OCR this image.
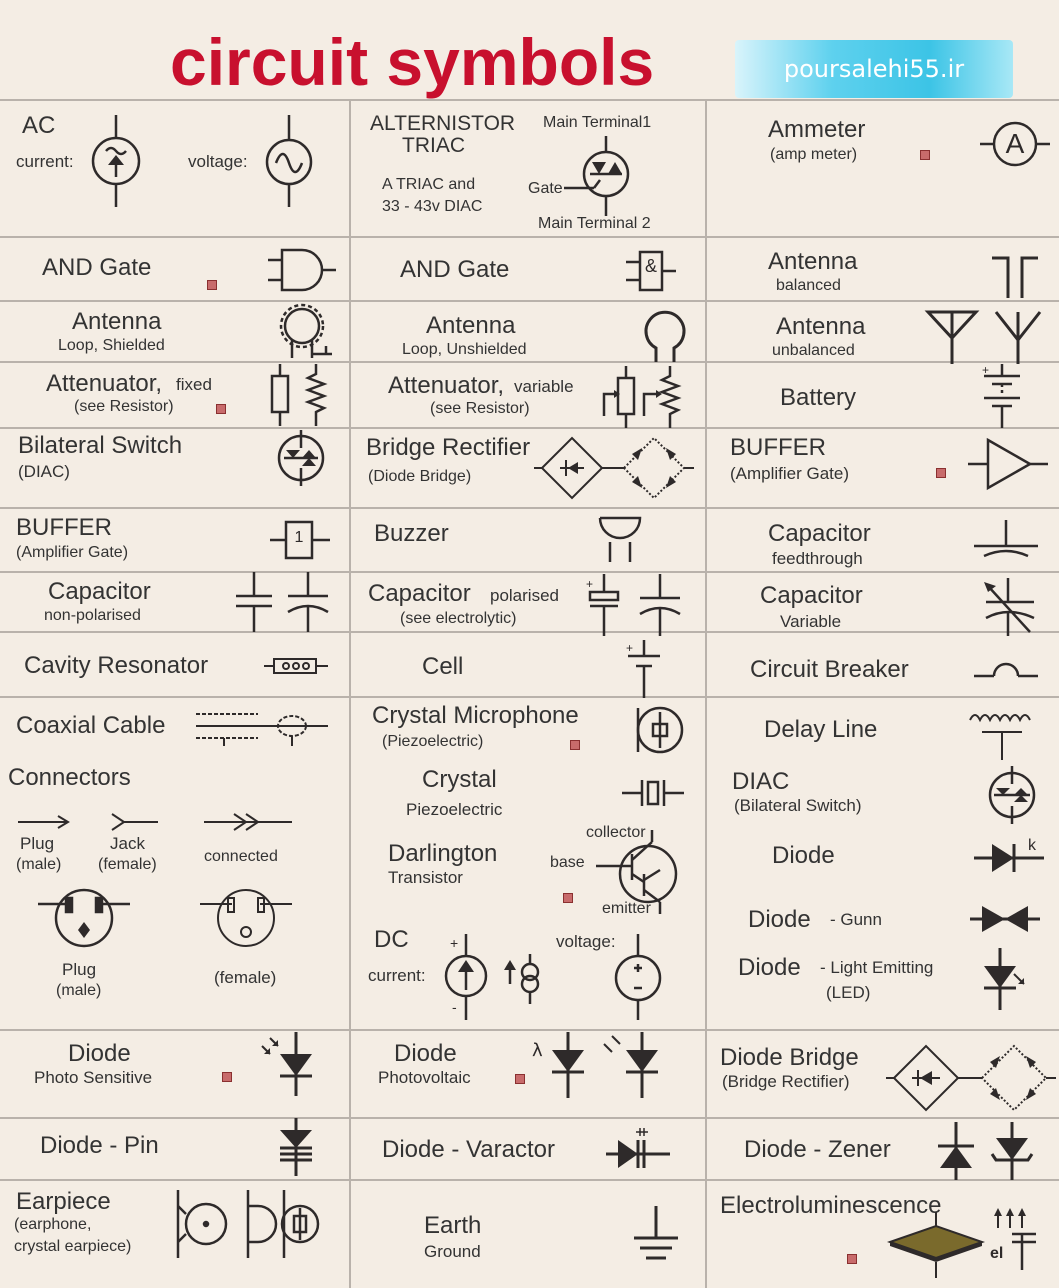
circuit symbols	poursalehi55.ir
AC
current:	voltage:
ALTERNISTOR
TRIAC
A TRIAC and
33 - 43v DIAC
Main Terminal1
Gate
Main Terminal 2
Ammeter
(amp meter)	A
AND Gate	AND Gate	&	Antenna
balanced
Antenna
Loop, Shielded
Antenna
Loop, Unshielded
Antenna
unbalanced
Attenuator, fixed
(see Resistor)
Attenuator, variable
(see Resistor)	Battery
+
Bilateral Switch
(DIAC)
Bridge Rectifier
(Diode Bridge)
BUFFER
(Amplifier Gate)
BUFFER
(Amplifier Gate)
1	Buzzer	Capacitor
feedthrough
Capacitor
non-polarised
Capacitor polarised
(see electrolytic)
+	Capacitor
Variable
Cavity Resonator	Cell
+
Circuit Breaker
Coaxial Cable
Connectors
Plug
(male)
Jack
(female)	connected
Plug
(male)
(female)
Crystal Microphone
(Piezoelectric)
Crystal
Piezoelectric
Darlington
Transistor
collector
base
emitter
DC
current:
voltage:
+
-
Delay Line
DIAC
(Bilateral Switch)
Diode	k
Diode - Gunn
Diode - Light Emitting
(LED)
Diode
Photo Sensitive
Diode
Photovoltaic
λ	Diode Bridge
(Bridge Rectifier)
Diode - Pin	Diode - Varactor	Diode - Zener
Earpiece
(earphone,
crystal earpiece)
Earth
Ground
Electroluminescence
el
